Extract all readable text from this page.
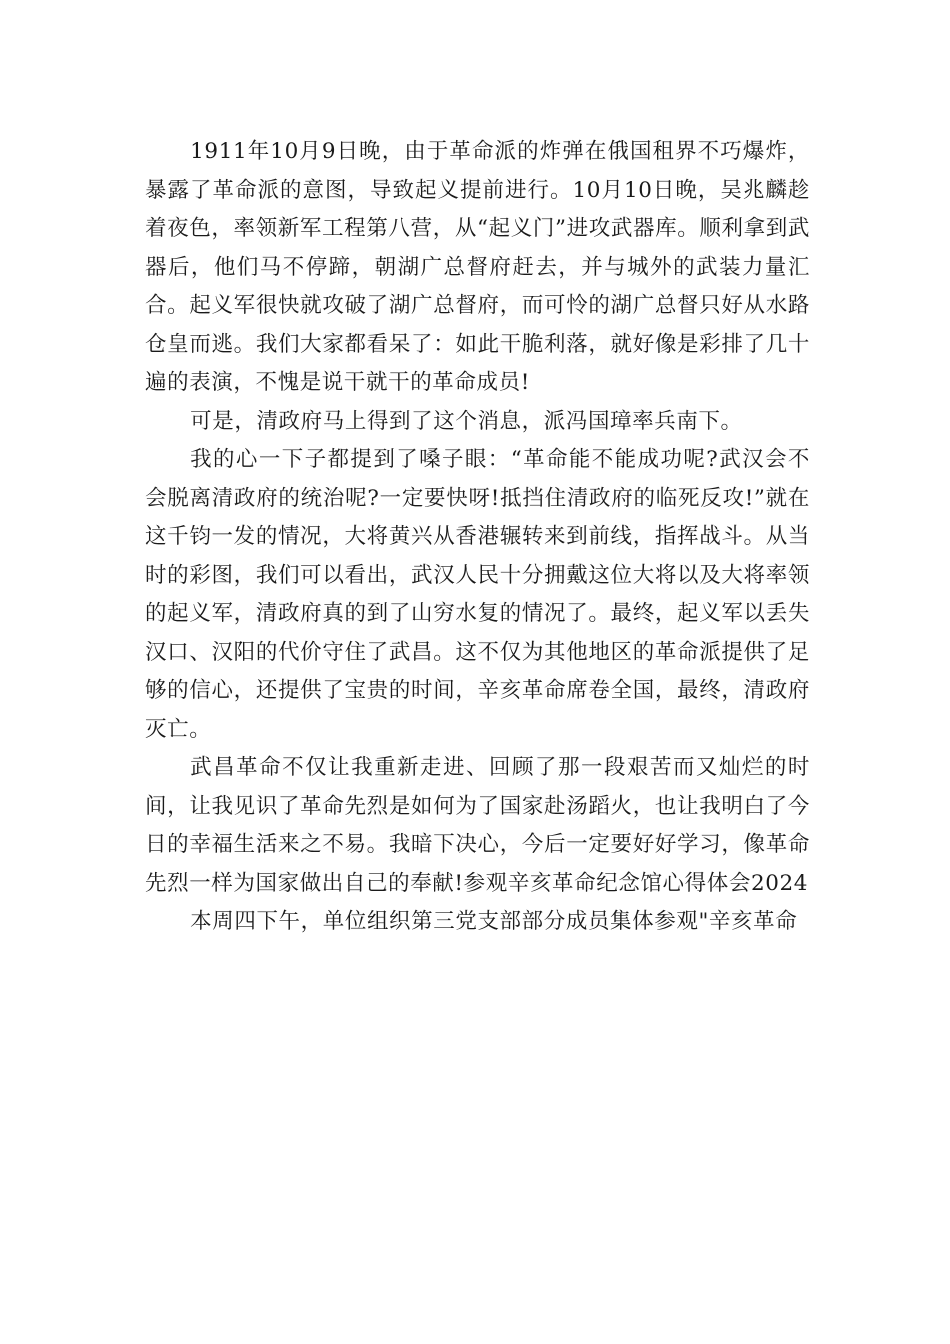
1911年10月9日晚，由于革命派的炸弹在俄国租界不巧爆炸，暴露了革命派的意图，导致起义提前进行。10月10日晚，吴兆麟趁着夜色，率领新军工程第八营，从“起义门”进攻武器库。顺利拿到武器后，他们马不停蹄，朝湖广总督府赶去，并与城外的武装力量汇合。起义军很快就攻破了湖广总督府，而可怜的湖广总督只好从水路仓皇而逃。我们大家都看呆了：如此干脆利落，就好像是彩排了几十遍的表演，不愧是说干就干的革命成员!

可是，清政府马上得到了这个消息，派冯国璋率兵南下。

我的心一下子都提到了嗓子眼：“革命能不能成功呢?武汉会不会脱离清政府的统治呢?一定要快呀!抵挡住清政府的临死反攻!”就在这千钧一发的情况，大将黄兴从香港辗转来到前线，指挥战斗。从当时的彩图，我们可以看出，武汉人民十分拥戴这位大将以及大将率领的起义军，清政府真的到了山穷水复的情况了。最终，起义军以丢失汉口、汉阳的代价守住了武昌。这不仅为其他地区的革命派提供了足够的信心，还提供了宝贵的时间，辛亥革命席卷全国，最终，清政府灭亡。

武昌革命不仅让我重新走进、回顾了那一段艰苦而又灿烂的时间，让我见识了革命先烈是如何为了国家赴汤蹈火，也让我明白了今日的幸福生活来之不易。我暗下决心，今后一定要好好学习，像革命先烈一样为国家做出自己的奉献!参观辛亥革命纪念馆心得体会2024

本周四下午，单位组织第三党支部部分成员集体参观"辛亥革命
